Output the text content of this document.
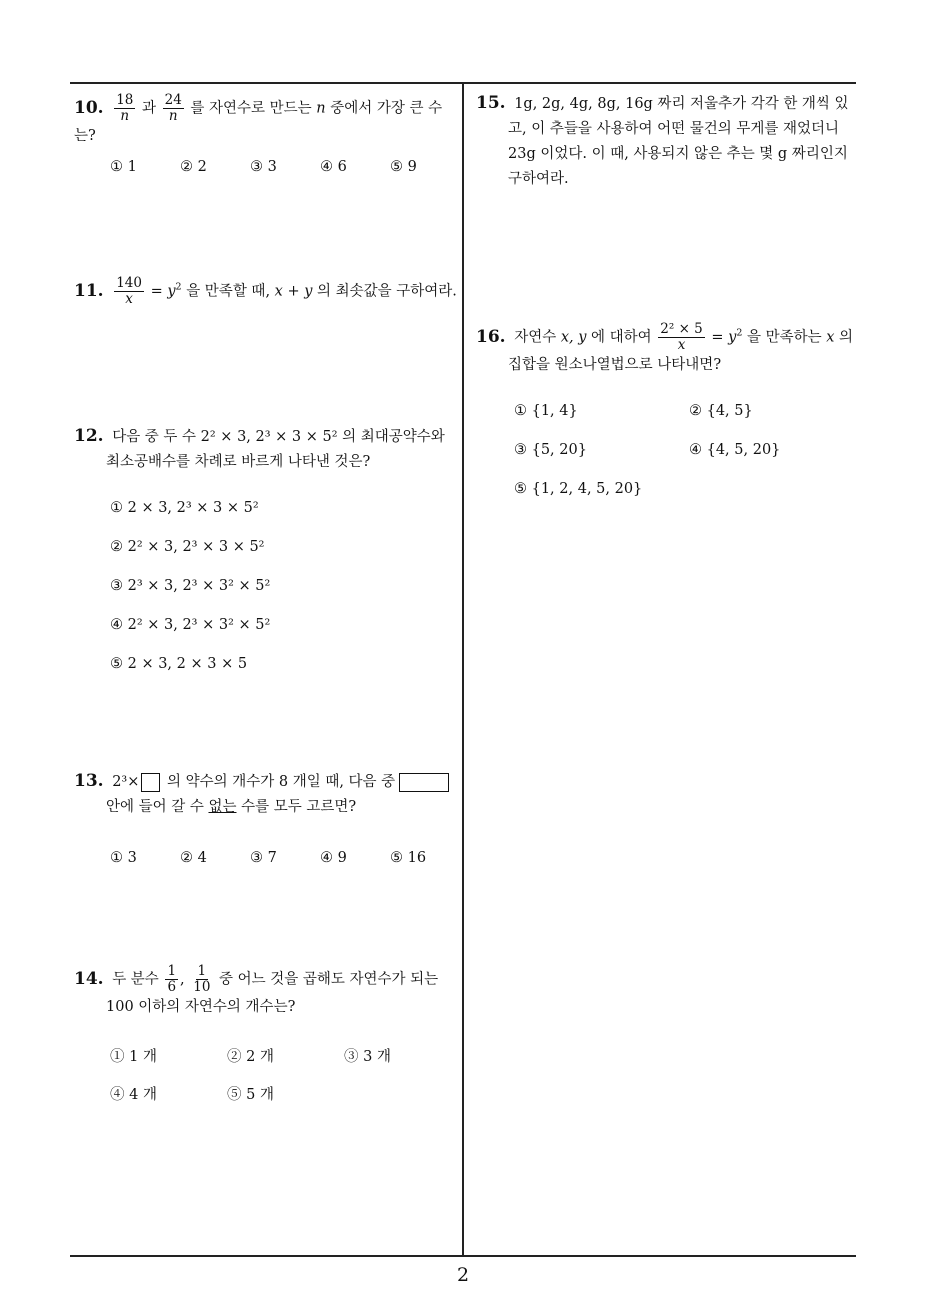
10. $\frac{18}{n}$ 과 $\frac{24}{n}$ 를 자연수로 만드는 n 중에서 가장 큰 수는?
① 1	② 2	③ 3	④ 6	⑤ 9
11. $\frac{140}{x} = y^2$ 을 만족할 때, x + y 의 최솟값을 구하여라.
12. 다음 중 두 수 2² × 3, 2³ × 3 × 5² 의 최대공약수와
최소공배수를 차례로 바르게 나타낸 것은?
① 2 × 3, 2³ × 3 × 5²
② 2² × 3, 2³ × 3 × 5²
③ 2³ × 3, 2³ × 3² × 5²
④ 2² × 3, 2³ × 3² × 5²
⑤ 2 × 3, 2 × 3 × 5
13. 2³× 의 약수의 개수가 8 개일 때, 다음 중
안에 들어 갈 수 없는 수를 모두 고르면?
① 3	② 4	③ 7	④ 9	⑤ 16
14. 두 분수 $\frac{1}{6}$ , $\frac{1}{10}$ 중 어느 것을 곱해도 자연수가 되는
100 이하의 자연수의 개수는?
① 1 개	② 2 개	③ 3 개
④ 4 개	⑤ 5 개
15. 1g, 2g, 4g, 8g, 16g 짜리 저울추가 각각 한 개씩 있
고, 이 추들을 사용하여 어떤 물건의 무게를 재었더니
23g 이었다. 이 때, 사용되지 않은 추는 몇 g 짜리인지
구하여라.
16. 자연수 x, y 에 대하여 $\frac{\text{2² × 5}}{x} = y^2$ 을 만족하는 x 의
집합을 원소나열법으로 나타내면?
① {1, 4}	② {4, 5}
③ {5, 20}	④ {4, 5, 20}
⑤ {1, 2, 4, 5, 20}
2
